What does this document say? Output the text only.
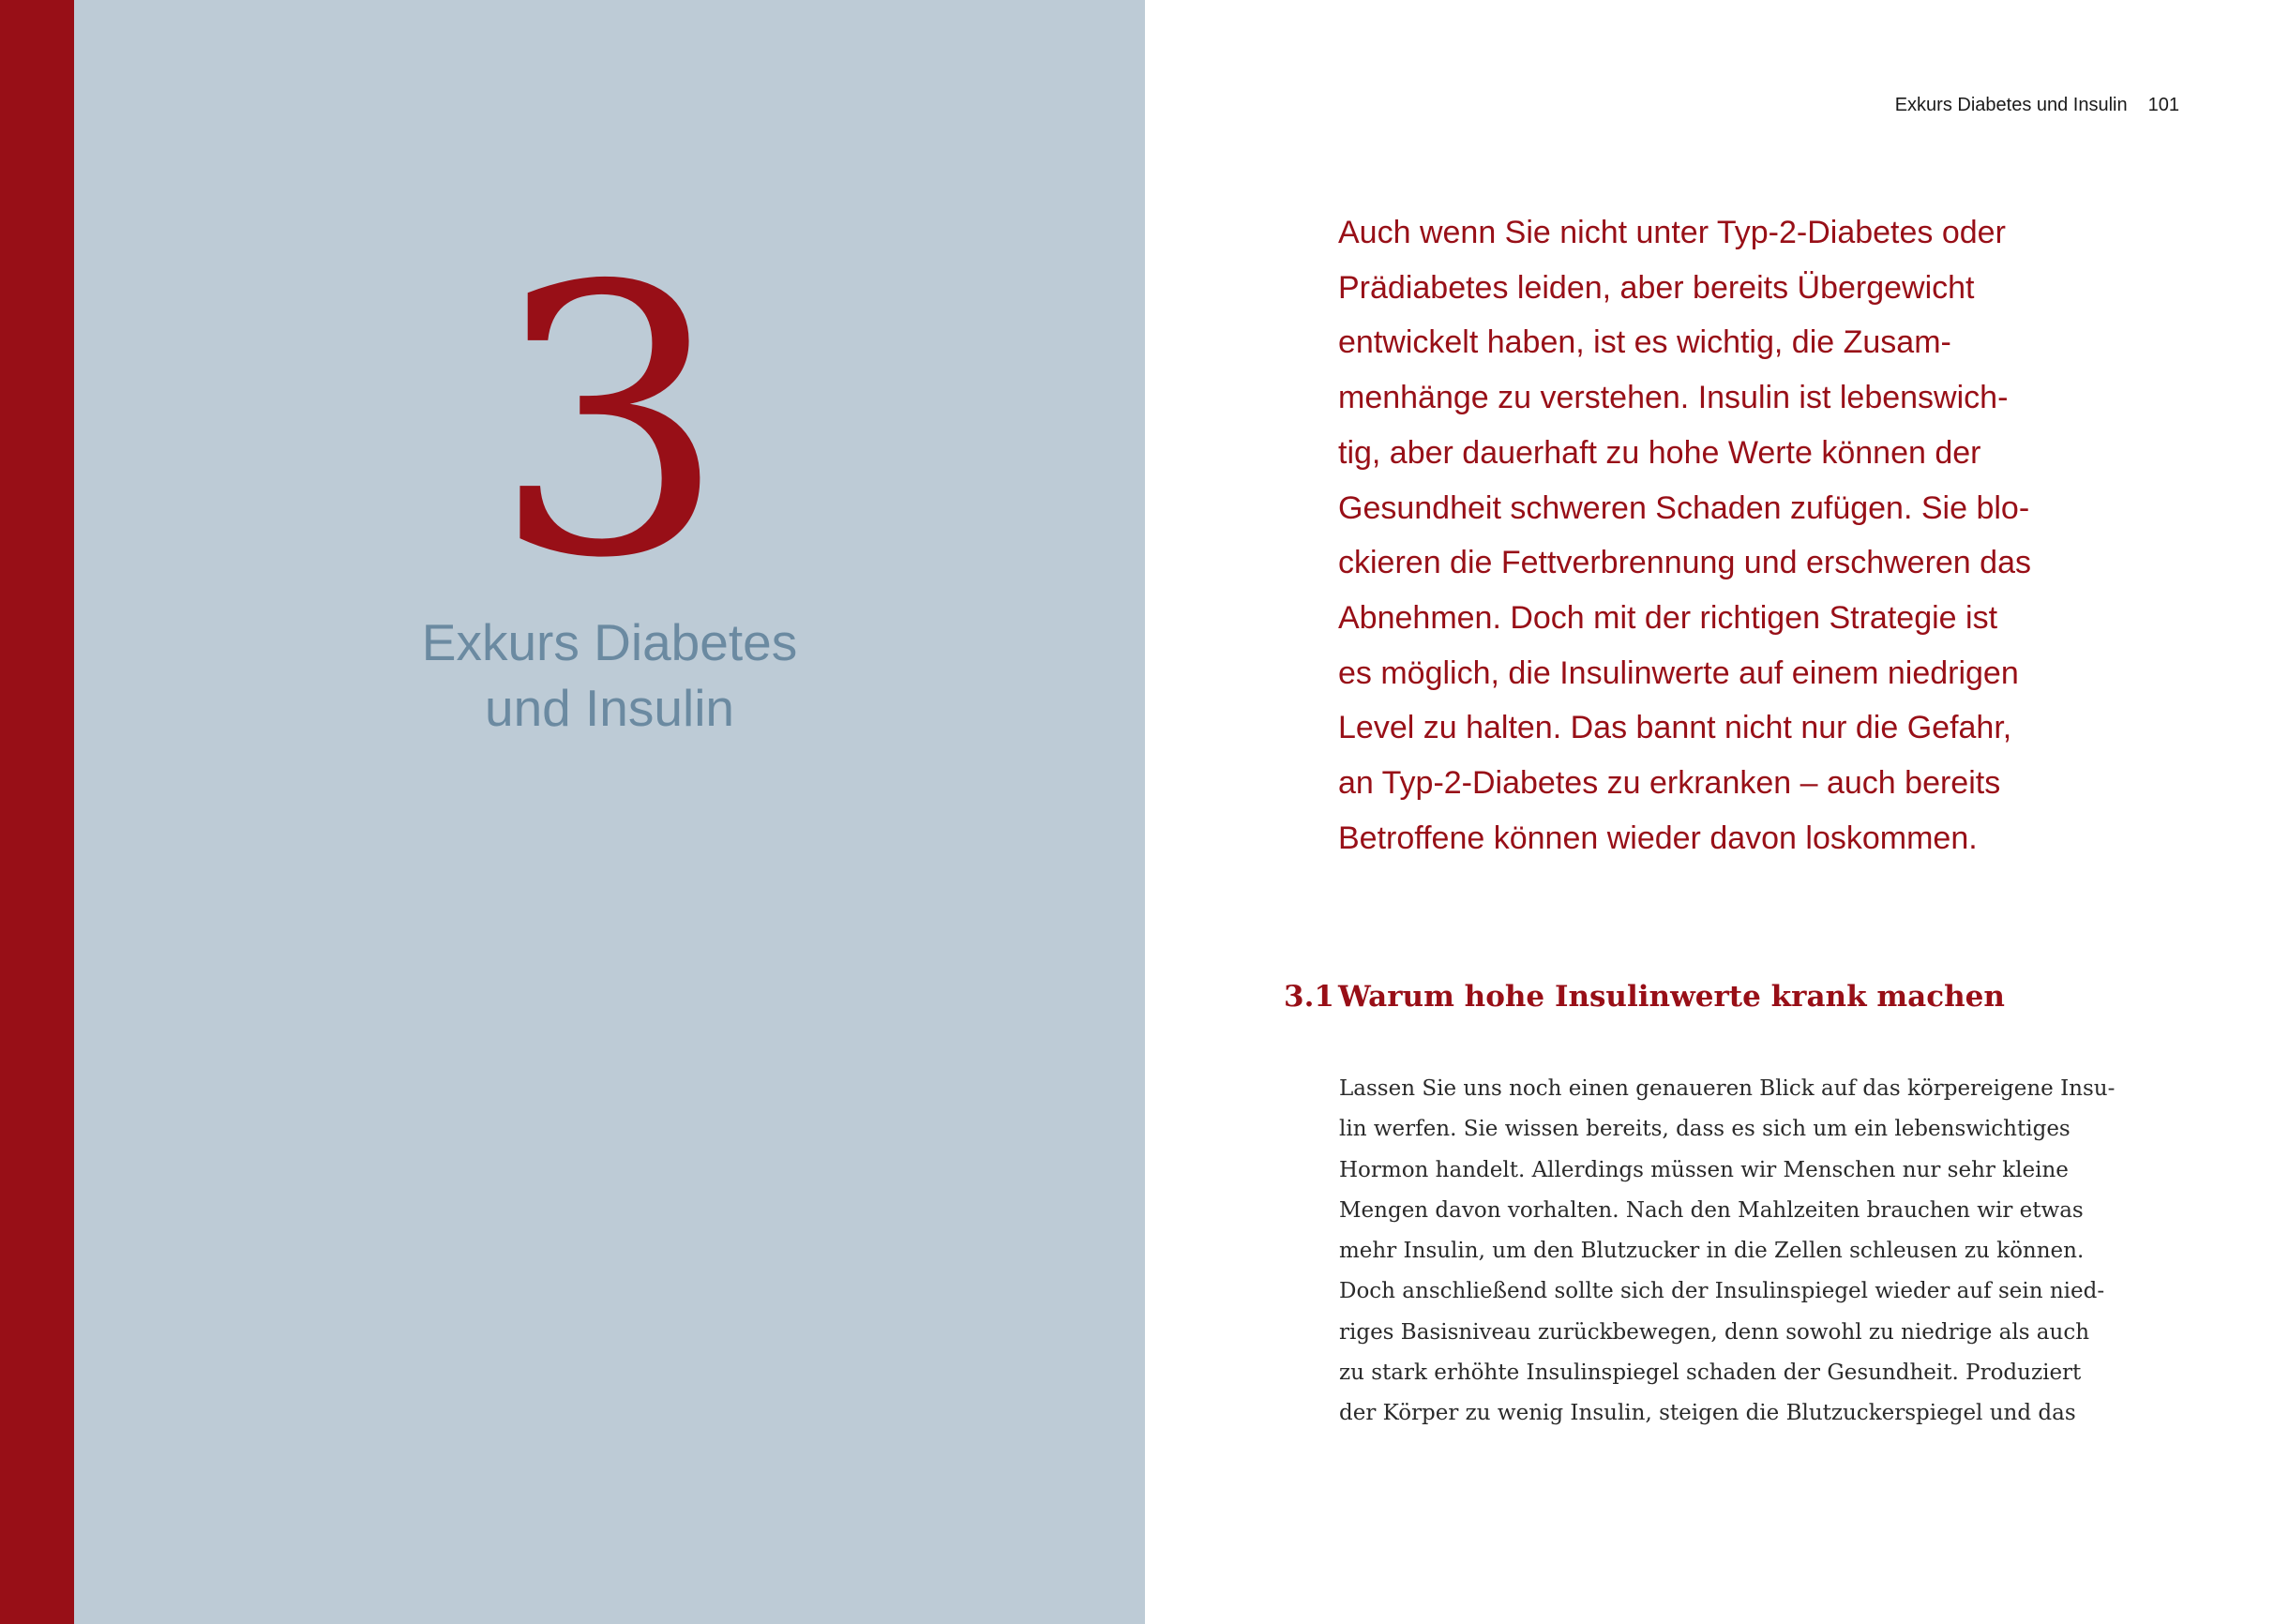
3
Exkurs Diabetes
und Insulin
Exkurs Diabetes und Insulin 101
Auch wenn Sie nicht unter Typ-2-Diabetes oder
Prädiabetes leiden, aber bereits Übergewicht
entwickelt haben, ist es wichtig, die Zusam-
menhänge zu verstehen. Insulin ist lebenswich-
tig, aber dauerhaft zu hohe Werte können der
Gesundheit schweren Schaden zufügen. Sie blo-
ckieren die Fettverbrennung und erschweren das
Abnehmen. Doch mit der richtigen Strategie ist
es möglich, die Insulinwerte auf einem niedrigen
Level zu halten. Das bannt nicht nur die Gefahr,
an Typ-2-Diabetes zu erkranken – auch bereits
Betroffene können wieder davon loskommen.
3.1 Warum hohe Insulinwerte krank machen
Lassen Sie uns noch einen genaueren Blick auf das körpereigene Insu-
lin werfen. Sie wissen bereits, dass es sich um ein lebenswichtiges
Hormon handelt. Allerdings müssen wir Menschen nur sehr kleine
Mengen davon vorhalten. Nach den Mahlzeiten brauchen wir etwas
mehr Insulin, um den Blutzucker in die Zellen schleusen zu können.
Doch anschließend sollte sich der Insulinspiegel wieder auf sein nied-
riges Basisniveau zurückbewegen, denn sowohl zu niedrige als auch
zu stark erhöhte Insulinspiegel schaden der Gesundheit. Produziert
der Körper zu wenig Insulin, steigen die Blutzuckerspiegel und das
